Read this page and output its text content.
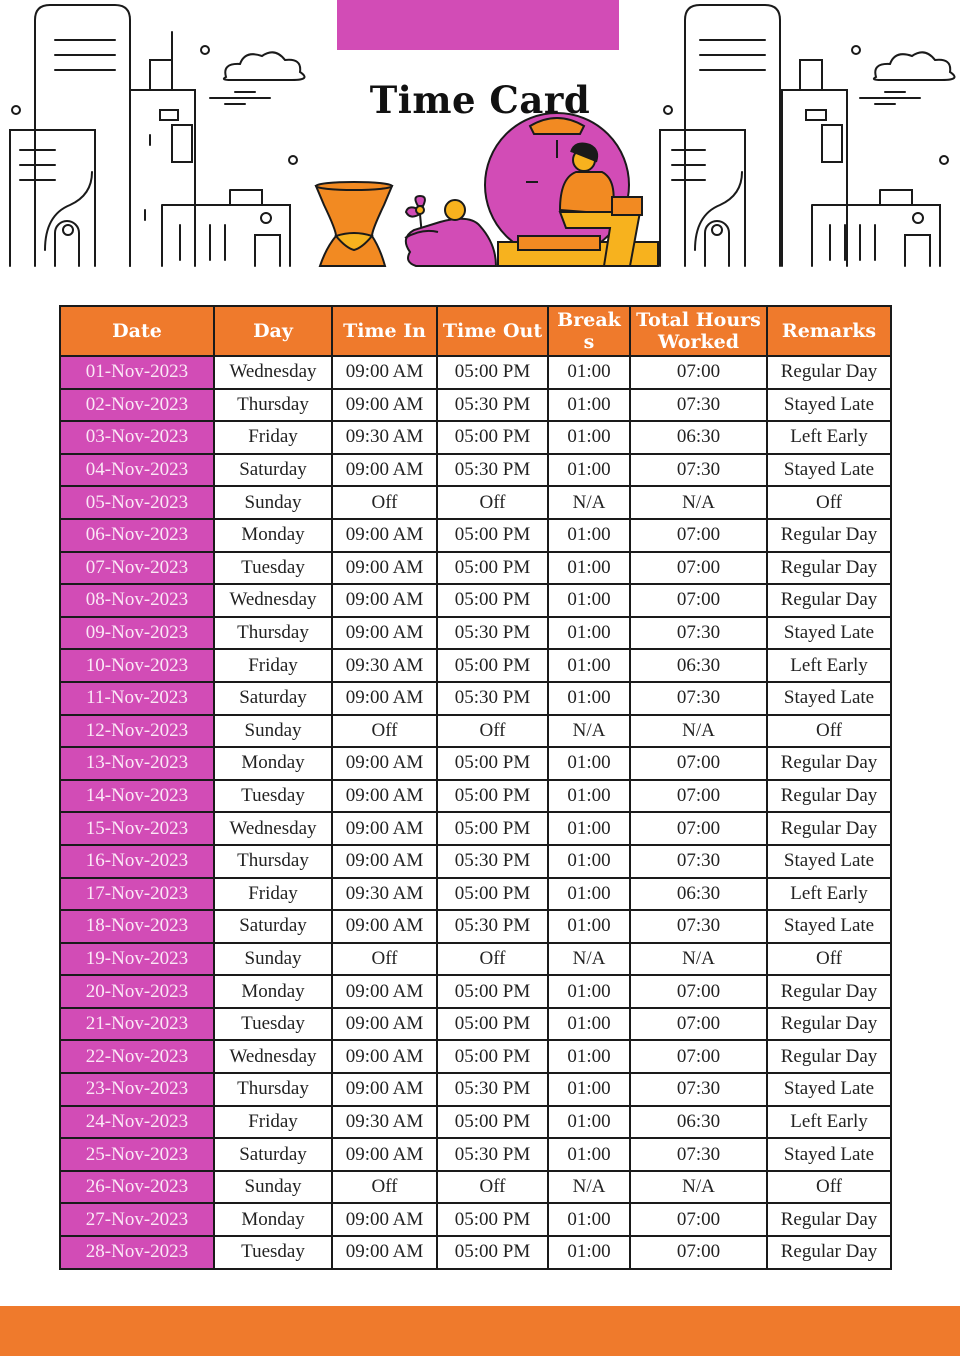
Time Card
Date	Day	Time In	Time Out	Breaks	Total Hours Worked	Remarks
01-Nov-2023	Wednesday	09:00 AM	05:00 PM	01:00	07:00	Regular Day
02-Nov-2023	Thursday	09:00 AM	05:30 PM	01:00	07:30	Stayed Late
03-Nov-2023	Friday	09:30 AM	05:00 PM	01:00	06:30	Left Early
04-Nov-2023	Saturday	09:00 AM	05:30 PM	01:00	07:30	Stayed Late
05-Nov-2023	Sunday	Off	Off	N/A	N/A	Off
06-Nov-2023	Monday	09:00 AM	05:00 PM	01:00	07:00	Regular Day
07-Nov-2023	Tuesday	09:00 AM	05:00 PM	01:00	07:00	Regular Day
08-Nov-2023	Wednesday	09:00 AM	05:00 PM	01:00	07:00	Regular Day
09-Nov-2023	Thursday	09:00 AM	05:30 PM	01:00	07:30	Stayed Late
10-Nov-2023	Friday	09:30 AM	05:00 PM	01:00	06:30	Left Early
11-Nov-2023	Saturday	09:00 AM	05:30 PM	01:00	07:30	Stayed Late
12-Nov-2023	Sunday	Off	Off	N/A	N/A	Off
13-Nov-2023	Monday	09:00 AM	05:00 PM	01:00	07:00	Regular Day
14-Nov-2023	Tuesday	09:00 AM	05:00 PM	01:00	07:00	Regular Day
15-Nov-2023	Wednesday	09:00 AM	05:00 PM	01:00	07:00	Regular Day
16-Nov-2023	Thursday	09:00 AM	05:30 PM	01:00	07:30	Stayed Late
17-Nov-2023	Friday	09:30 AM	05:00 PM	01:00	06:30	Left Early
18-Nov-2023	Saturday	09:00 AM	05:30 PM	01:00	07:30	Stayed Late
19-Nov-2023	Sunday	Off	Off	N/A	N/A	Off
20-Nov-2023	Monday	09:00 AM	05:00 PM	01:00	07:00	Regular Day
21-Nov-2023	Tuesday	09:00 AM	05:00 PM	01:00	07:00	Regular Day
22-Nov-2023	Wednesday	09:00 AM	05:00 PM	01:00	07:00	Regular Day
23-Nov-2023	Thursday	09:00 AM	05:30 PM	01:00	07:30	Stayed Late
24-Nov-2023	Friday	09:30 AM	05:00 PM	01:00	06:30	Left Early
25-Nov-2023	Saturday	09:00 AM	05:30 PM	01:00	07:30	Stayed Late
26-Nov-2023	Sunday	Off	Off	N/A	N/A	Off
27-Nov-2023	Monday	09:00 AM	05:00 PM	01:00	07:00	Regular Day
28-Nov-2023	Tuesday	09:00 AM	05:00 PM	01:00	07:00	Regular Day
